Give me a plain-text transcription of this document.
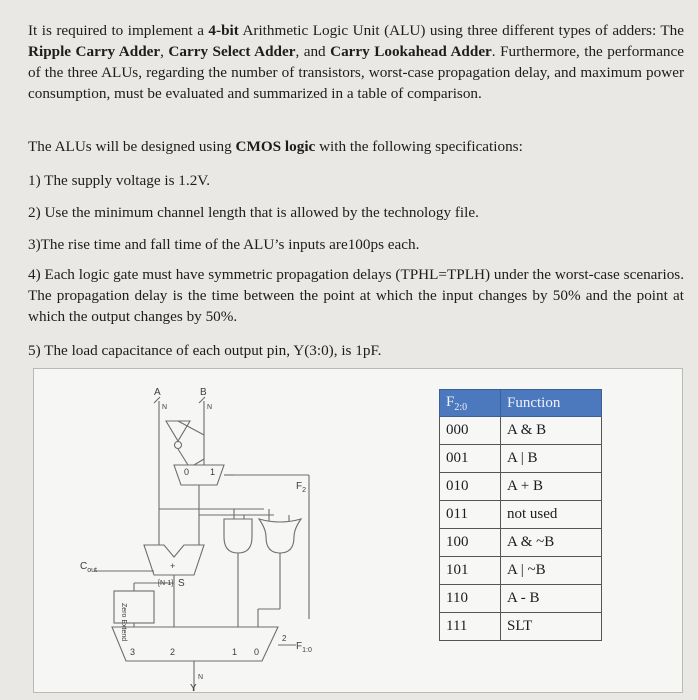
It is required to implement a 4-bit Arithmetic Logic Unit (ALU) using three different types of adders: The Ripple Carry Adder, Carry Select Adder, and Carry Lookahead Adder. Furthermore, the performance of the three ALUs, regarding the number of transistors, worst-case propagation delay, and maximum power consumption, must be evaluated and summarized in a table of comparison.
The ALUs will be designed using CMOS logic with the following specifications:
1) The supply voltage is 1.2V.
2) Use the minimum channel length that is allowed by the technology file.
3)The rise time and fall time of the ALU’s inputs are100ps each.
4) Each logic gate must have symmetric propagation delays (TPHL=TPLH) under the worst-case scenarios. The propagation delay is the time between the point at which the input changes by 50% and the point at which the output changes by 50%.
5) The load capacitance of each output pin, Y(3:0), is 1pF.
A	B
N	N
0 1
$F_2$
$C_{out}$	+
[N-1] S
Zero Extend
3	2	1 0
2
$F_{1:0}$
N
Y
$F_{2:0}$	Function
000	A & B
001	A | B
010	A + B
011	not used
100	A & ~B
101	A | ~B
110	A - B
111	SLT
